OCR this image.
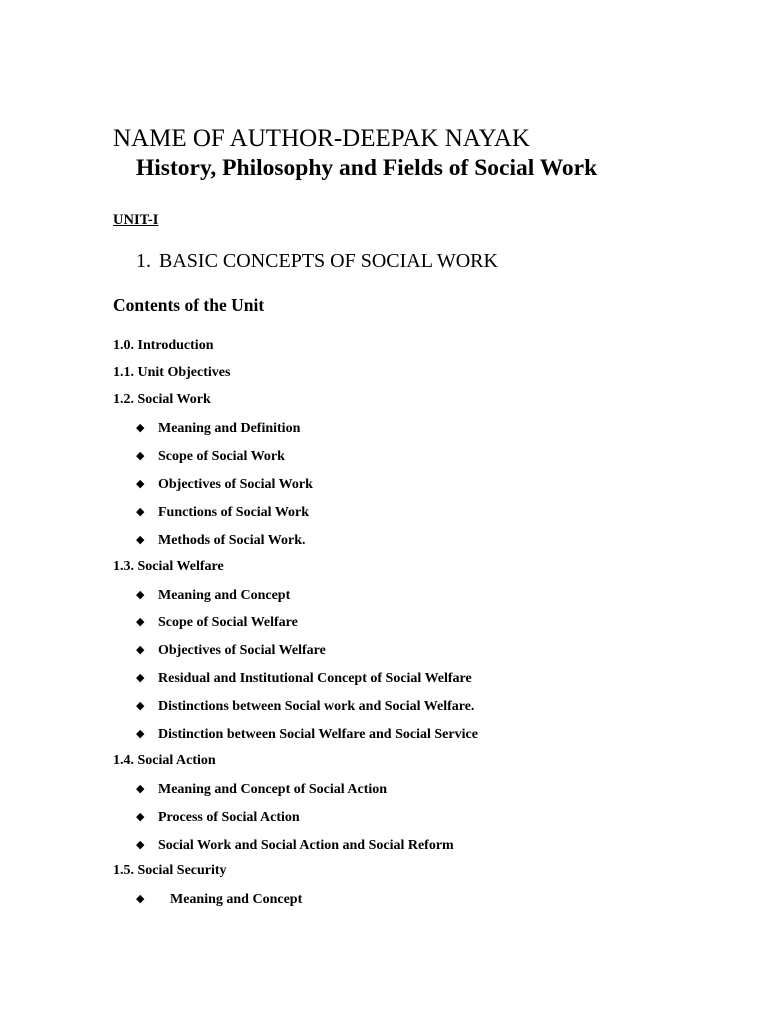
NAME OF AUTHOR-DEEPAK NAYAK
History, Philosophy and Fields of Social Work
UNIT-I
1. BASIC CONCEPTS OF SOCIAL WORK
Contents of the Unit
1.0. Introduction
1.1. Unit Objectives
1.2. Social Work
◆ Meaning and Definition
◆ Scope of Social Work
◆ Objectives of Social Work
◆ Functions of Social Work
◆ Methods of Social Work.
1.3. Social Welfare
◆ Meaning and Concept
◆ Scope of Social Welfare
◆ Objectives of Social Welfare
◆ Residual and Institutional Concept of Social Welfare
◆ Distinctions between Social work and Social Welfare.
◆ Distinction between Social Welfare and Social Service
1.4. Social Action
◆ Meaning and Concept of Social Action
◆ Process of Social Action
◆ Social Work and Social Action and Social Reform
1.5. Social Security
◆ Meaning and Concept
